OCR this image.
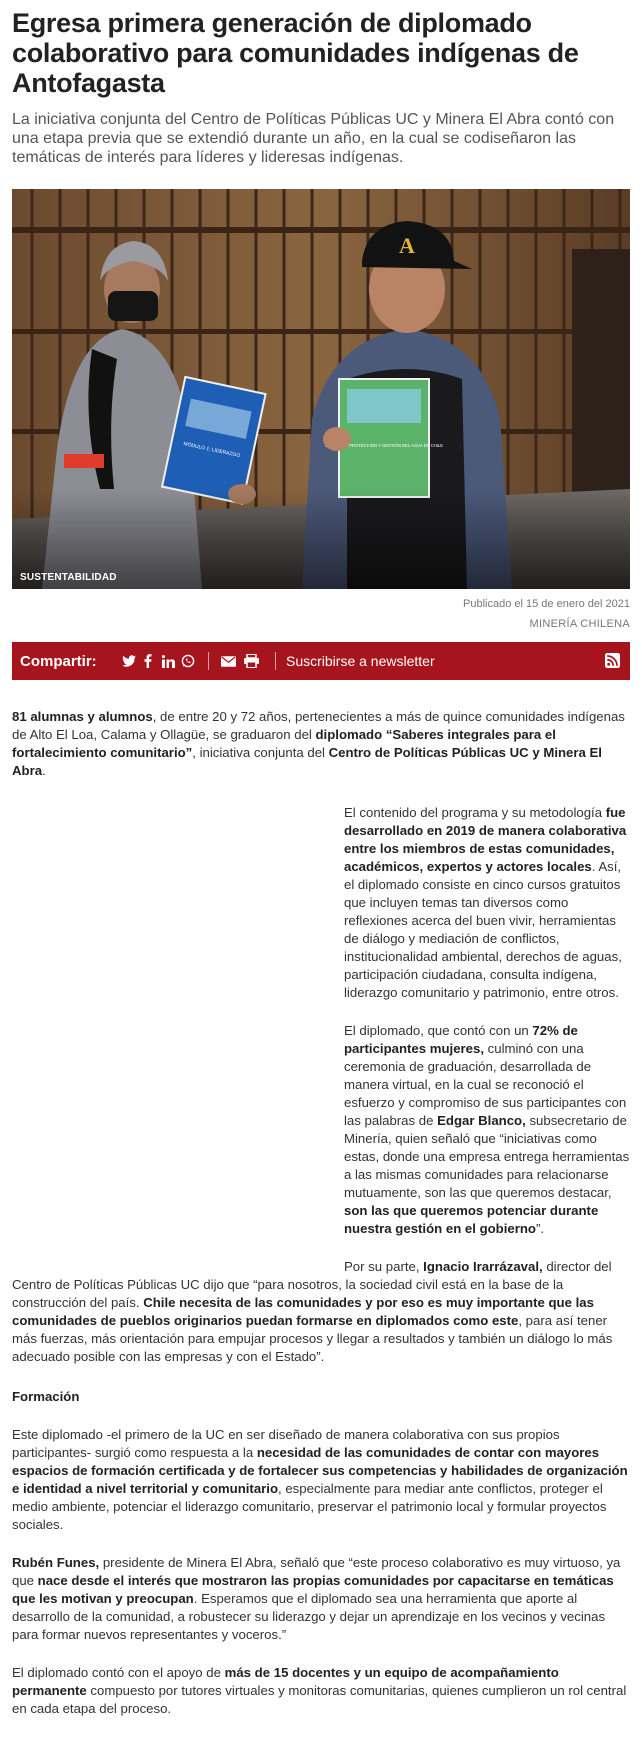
Egresa primera generación de diplomado colaborativo para comunidades indígenas de Antofagasta

La iniciativa conjunta del Centro de Políticas Públicas UC y Minera El Abra contó con una etapa previa que se extendió durante un año, en la cual se codiseñaron las temáticas de interés para líderes y lideresas indígenas.

SUSTENTABILIDAD

Publicado el 15 de enero del 2021

MINERÍA CHILENA

Compartir:	Suscribirse a newsletter

81 alumnas y alumnos, de entre 20 y 72 años, pertenecientes a más de quince comunidades indígenas de Alto El Loa, Calama y Ollagüe, se graduaron del diplomado “Saberes integrales para el fortalecimiento comunitario”, iniciativa conjunta del Centro de Políticas Públicas UC y Minera El Abra.

El contenido del programa y su metodología fue desarrollado en 2019 de manera colaborativa entre los miembros de estas comunidades, académicos, expertos y actores locales. Así, el diplomado consiste en cinco cursos gratuitos que incluyen temas tan diversos como reflexiones acerca del buen vivir, herramientas de diálogo y mediación de conflictos, institucionalidad ambiental, derechos de aguas, participación ciudadana, consulta indígena, liderazgo comunitario y patrimonio, entre otros.

El diplomado, que contó con un 72% de participantes mujeres, culminó con una ceremonia de graduación, desarrollada de manera virtual, en la cual se reconoció el esfuerzo y compromiso de sus participantes con las palabras de Edgar Blanco, subsecretario de Minería, quien señaló que “iniciativas como estas, donde una empresa entrega herramientas a las mismas comunidades para relacionarse mutuamente, son las que queremos destacar, son las que queremos potenciar durante nuestra gestión en el gobierno”.

Por su parte, Ignacio Irarrázaval, director del Centro de Políticas Públicas UC dijo que “para nosotros, la sociedad civil está en la base de la construcción del país. Chile necesita de las comunidades y por eso es muy importante que las comunidades de pueblos originarios puedan formarse en diplomados como este, para así tener más fuerzas, más orientación para empujar procesos y llegar a resultados y también un diálogo lo más adecuado posible con las empresas y con el Estado”.

Formación

Este diplomado -el primero de la UC en ser diseñado de manera colaborativa con sus propios participantes- surgió como respuesta a la necesidad de las comunidades de contar con mayores espacios de formación certificada y de fortalecer sus competencias y habilidades de organización e identidad a nivel territorial y comunitario, especialmente para mediar ante conflictos, proteger el medio ambiente, potenciar el liderazgo comunitario, preservar el patrimonio local y formular proyectos sociales.

Rubén Funes, presidente de Minera El Abra, señaló que “este proceso colaborativo es muy virtuoso, ya que nace desde el interés que mostraron las propias comunidades por capacitarse en temáticas que les motivan y preocupan. Esperamos que el diplomado sea una herramienta que aporte al desarrollo de la comunidad, a robustecer su liderazgo y dejar un aprendizaje en los vecinos y vecinas para formar nuevos representantes y voceros.”

El diplomado contó con el apoyo de más de 15 docentes y un equipo de acompañamiento permanente compuesto por tutores virtuales y monitoras comunitarias, quienes cumplieron un rol central en cada etapa del proceso.
